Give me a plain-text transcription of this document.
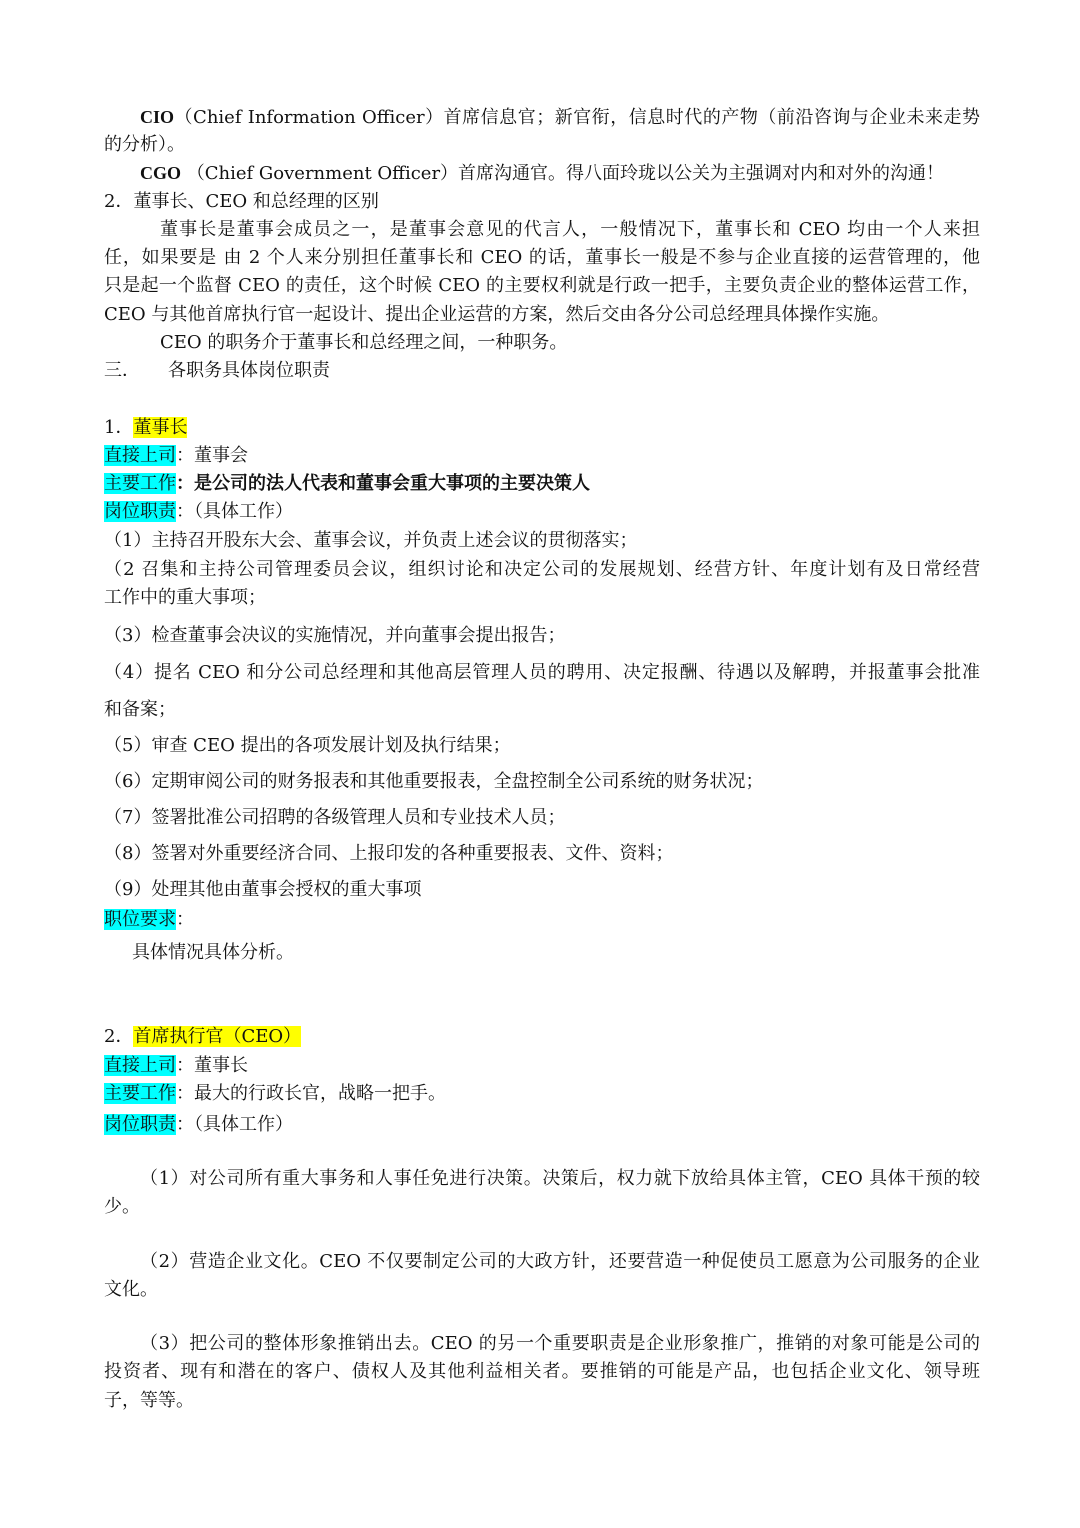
CIO（Chief Information Officer）首席信息官；新官衔，信息时代的产物（前沿咨询与企业未来走势
的分析）。
CGO （Chief Government Officer）首席沟通官。得八面玲珑以公关为主强调对内和对外的沟通！
2．董事长、CEO 和总经理的区别
董事长是董事会成员之一，是董事会意见的代言人，一般情况下，董事长和 CEO 均由一个人来担
任，如果要是 由 2 个人来分别担任董事长和 CEO 的话，董事长一般是不参与企业直接的运营管理的，他
只是起一个监督 CEO 的责任，这个时候 CEO 的主要权利就是行政一把手，主要负责企业的整体运营工作，
CEO 与其他首席执行官一起设计、提出企业运营的方案，然后交由各分公司总经理具体操作实施。
CEO 的职务介于董事长和总经理之间，一种职务。
三． 各职务具体岗位职责
1．董事长
直接上司：董事会
主要工作：是公司的法人代表和董事会重大事项的主要决策人
岗位职责：（具体工作）
（1）主持召开股东大会、董事会议，并负责上述会议的贯彻落实；
（2 召集和主持公司管理委员会议，组织讨论和决定公司的发展规划、经营方针、年度计划有及日常经营
工作中的重大事项；
（3）检查董事会决议的实施情况，并向董事会提出报告；
（4）提名 CEO 和分公司总经理和其他高层管理人员的聘用、决定报酬、待遇以及解聘，并报董事会批准
和备案；
（5）审查 CEO 提出的各项发展计划及执行结果；
（6）定期审阅公司的财务报表和其他重要报表，全盘控制全公司系统的财务状况；
（7）签署批准公司招聘的各级管理人员和专业技术人员；
（8）签署对外重要经济合同、上报印发的各种重要报表、文件、资料；
（9）处理其他由董事会授权的重大事项
职位要求：
具体情况具体分析。
2．首席执行官（CEO）
直接上司：董事长
主要工作：最大的行政长官，战略一把手。
岗位职责：（具体工作）
（1）对公司所有重大事务和人事任免进行决策。决策后，权力就下放给具体主管，CEO 具体干预的较
少。
（2）营造企业文化。CEO 不仅要制定公司的大政方针，还要营造一种促使员工愿意为公司服务的企业
文化。
（3）把公司的整体形象推销出去。CEO 的另一个重要职责是企业形象推广，推销的对象可能是公司的
投资者、现有和潜在的客户、债权人及其他利益相关者。要推销的可能是产品，也包括企业文化、领导班
子，等等。
